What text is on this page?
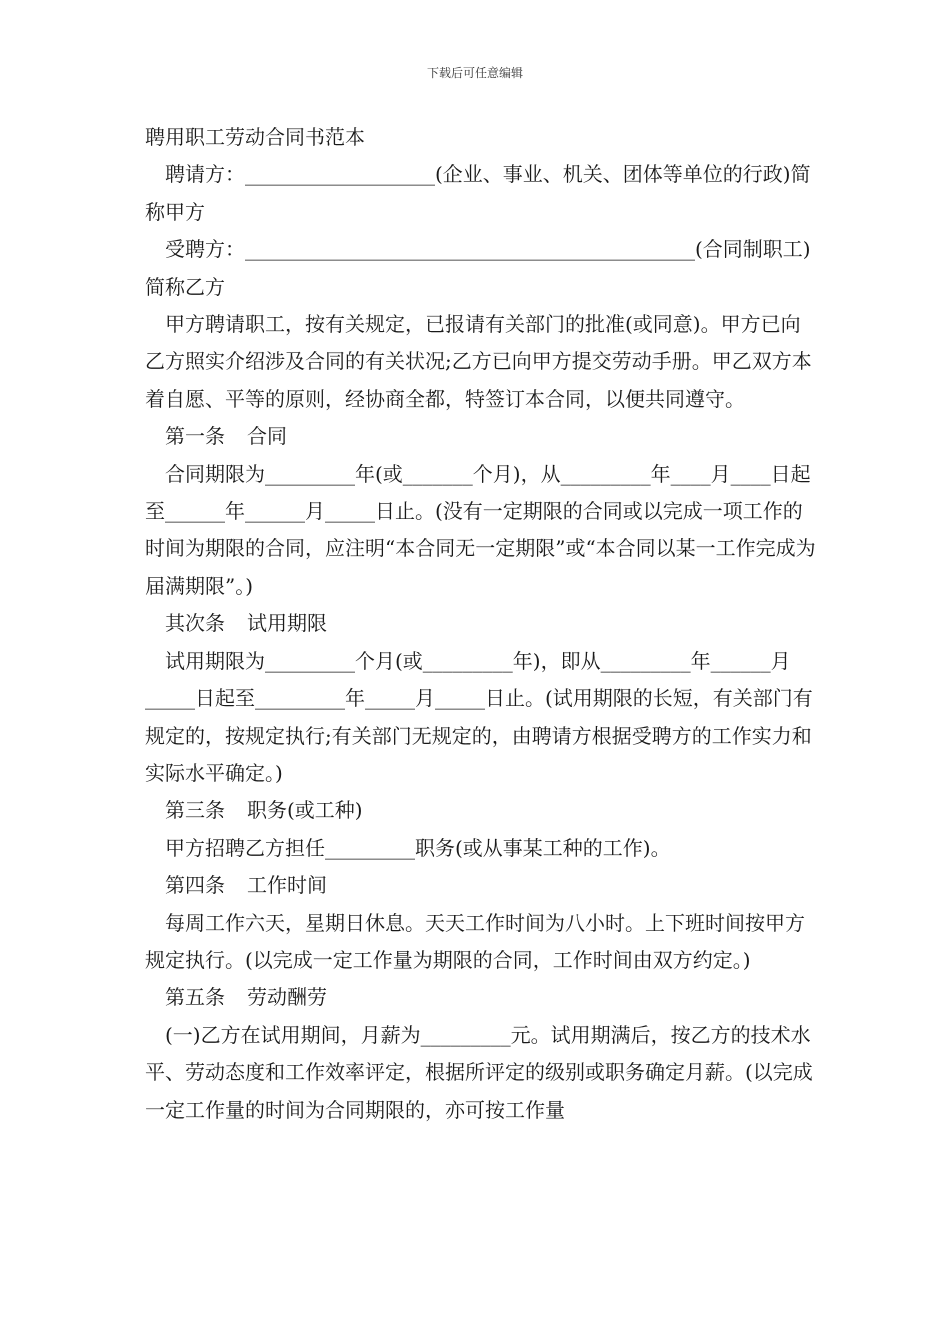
下载后可任意编辑

聘用职工劳动合同书范本

聘请方：___________________(企业、事业、机关、团体等单位的行政)简称甲方

受聘方：_____________________________________________(合同制职工)简称乙方

甲方聘请职工，按有关规定，已报请有关部门的批准(或同意)。甲方已向乙方照实介绍涉及合同的有关状况;乙方已向甲方提交劳动手册。甲乙双方本着自愿、平等的原则，经协商全都，特签订本合同，以便共同遵守。

第一条 合同

合同期限为_________年(或_______个月)，从_________年____月____日起至______年______月_____日止。(没有一定期限的合同或以完成一项工作的时间为期限的合同，应注明“本合同无一定期限”或“本合同以某一工作完成为届满期限”。)

其次条 试用期限

试用期限为_________个月(或_________年)，即从_________年______月_____日起至_________年_____月_____日止。(试用期限的长短，有关部门有规定的，按规定执行;有关部门无规定的，由聘请方根据受聘方的工作实力和实际水平确定。)

第三条 职务(或工种)

甲方招聘乙方担任_________职务(或从事某工种的工作)。

第四条 工作时间

每周工作六天，星期日休息。天天工作时间为八小时。上下班时间按甲方规定执行。(以完成一定工作量为期限的合同，工作时间由双方约定。)

第五条 劳动酬劳

(一)乙方在试用期间，月薪为_________元。试用期满后，按乙方的技术水平、劳动态度和工作效率评定，根据所评定的级别或职务确定月薪。(以完成一定工作量的时间为合同期限的，亦可按工作量
